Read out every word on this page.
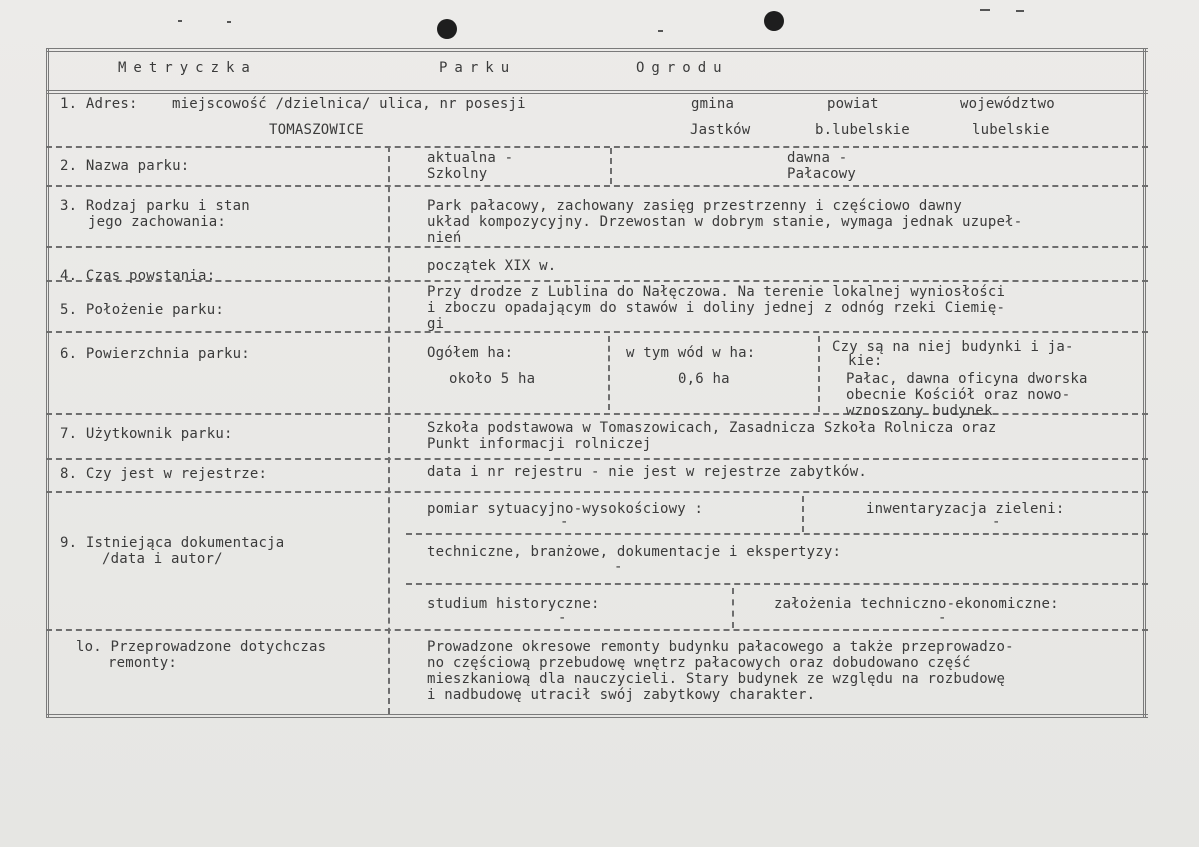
Metryczka	Parku	Ogrodu
1. Adres: miejscowość /dzielnica/ ulica, nr posesji	gmina	powiat	województwo
TOMASZOWICE	Jastków	b.lubelskie	lubelskie
2. Nazwa parku:	aktualna -
Szkolny
dawna -
Pałacowy
3. Rodzaj parku i stan
jego zachowania:
Park pałacowy, zachowany zasięg przestrzenny i częściowo dawny
układ kompozycyjny. Drzewostan w dobrym stanie, wymaga jednak uzupeł-
nień
4. Czas powstania:
początek XIX w.
5. Położenie parku:
Przy drodze z Lublina do Nałęczowa. Na terenie lokalnej wyniosłości
i zboczu opadającym do stawów i doliny jednej z odnóg rzeki Ciemię-
gi
6. Powierzchnia parku:	Ogółem ha:
około 5 ha
w tym wód w ha:
0,6 ha
Czy są na niej budynki i ja-
kie:
Pałac, dawna oficyna dworska
obecnie Kościół oraz nowo-
wznoszony budynek
7. Użytkownik parku:	Szkoła podstawowa w Tomaszowicach, Zasadnicza Szkoła Rolnicza oraz
Punkt informacji rolniczej
8. Czy jest w rejestrze:	data i nr rejestru - nie jest w rejestrze zabytków.
9. Istniejąca dokumentacja
/data i autor/
pomiar sytuacyjno-wysokościowy :
-
inwentaryzacja zieleni:
-
techniczne, branżowe, dokumentacje i ekspertyzy:
-
studium historyczne:
-
założenia techniczno-ekonomiczne:
-
lo. Przeprowadzone dotychczas
remonty:
Prowadzone okresowe remonty budynku pałacowego a także przeprowadzo-
no częściową przebudowę wnętrz pałacowych oraz dobudowano część
mieszkaniową dla nauczycieli. Stary budynek ze względu na rozbudowę
i nadbudowę utracił swój zabytkowy charakter.
